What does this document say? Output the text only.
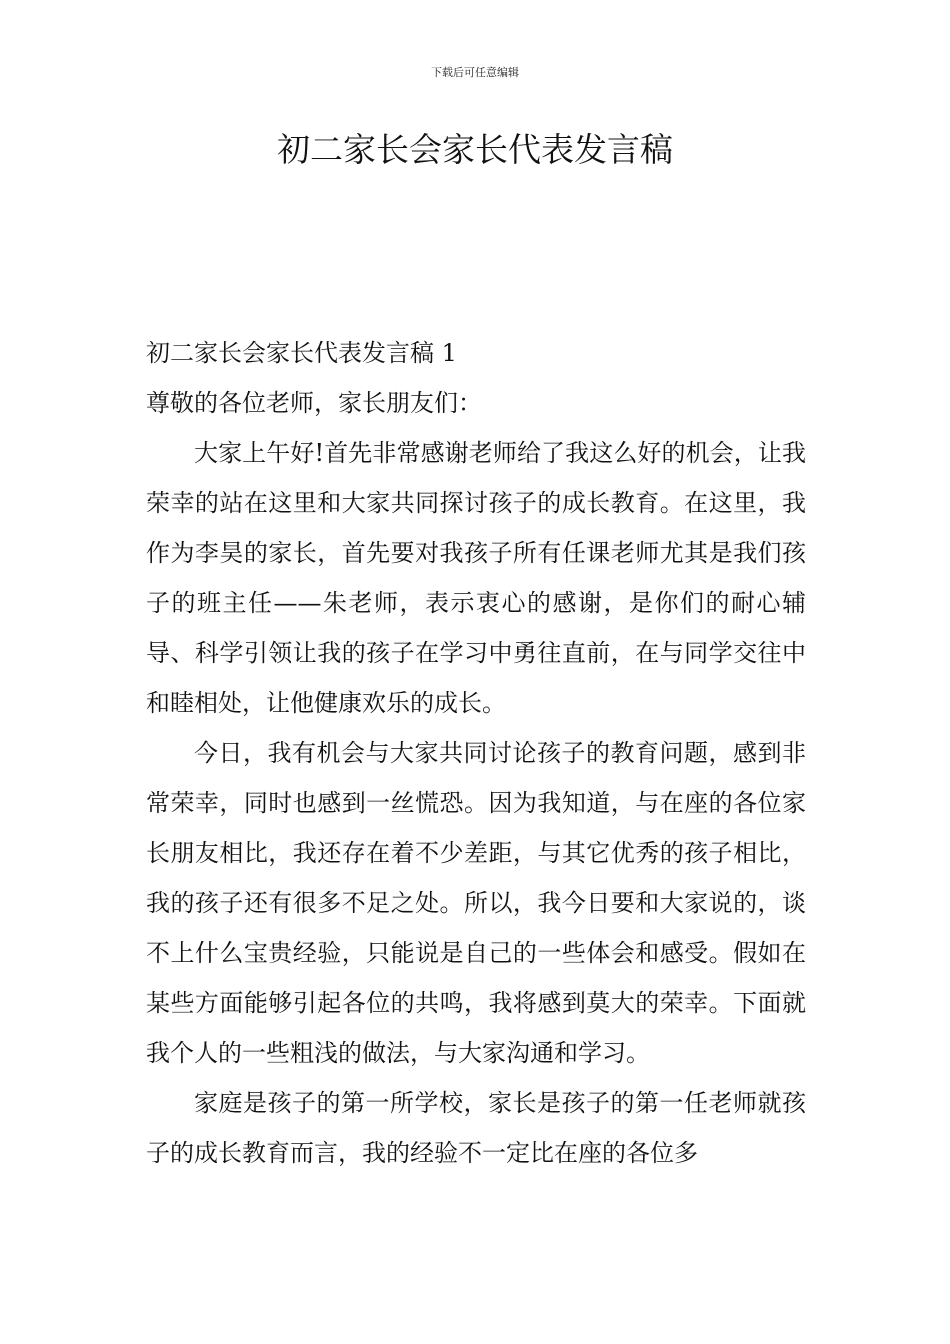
下载后可任意编辑
初二家长会家长代表发言稿

初二家长会家长代表发言稿 1

尊敬的各位老师，家长朋友们：

大家上午好!首先非常感谢老师给了我这么好的机会，让我荣幸的站在这里和大家共同探讨孩子的成长教育。在这里，我作为李昊的家长，首先要对我孩子所有任课老师尤其是我们孩子的班主任——朱老师，表示衷心的感谢，是你们的耐心辅导、科学引领让我的孩子在学习中勇往直前，在与同学交往中和睦相处，让他健康欢乐的成长。

今日，我有机会与大家共同讨论孩子的教育问题，感到非常荣幸，同时也感到一丝慌恐。因为我知道，与在座的各位家长朋友相比，我还存在着不少差距，与其它优秀的孩子相比，我的孩子还有很多不足之处。所以，我今日要和大家说的，谈不上什么宝贵经验，只能说是自己的一些体会和感受。假如在某些方面能够引起各位的共鸣，我将感到莫大的荣幸。下面就我个人的一些粗浅的做法，与大家沟通和学习。

家庭是孩子的第一所学校，家长是孩子的第一任老师就孩子的成长教育而言，我的经验不一定比在座的各位多
